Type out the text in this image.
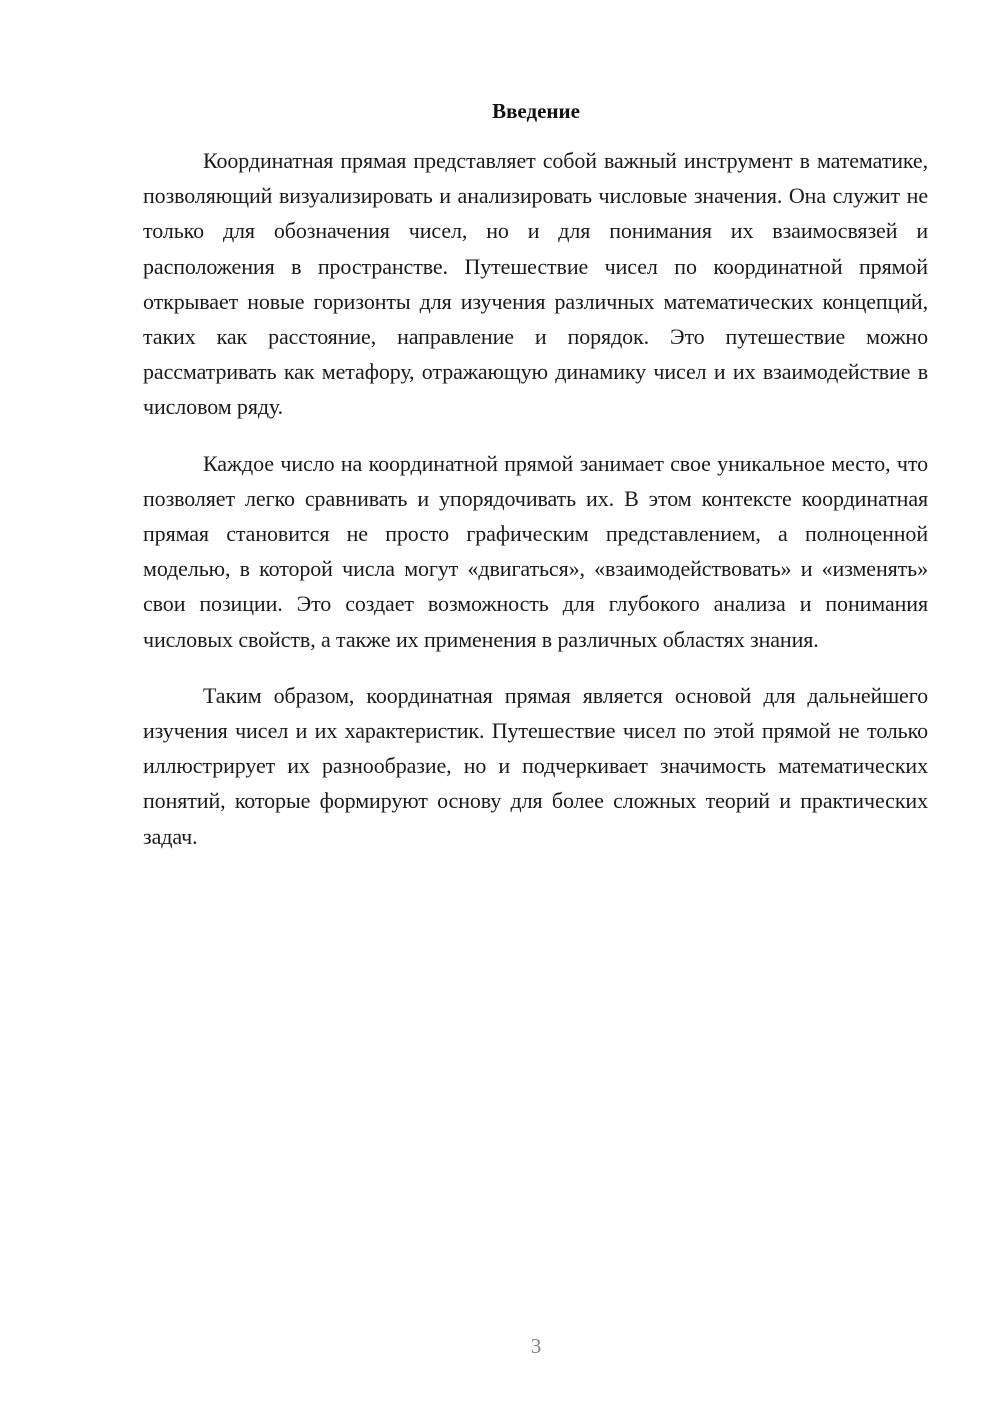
Введение

Координатная прямая представляет собой важный инструмент в математике, позволяющий визуализировать и анализировать числовые значения. Она служит не только для обозначения чисел, но и для понимания их взаимосвязей и расположения в пространстве. Путешествие чисел по координатной прямой открывает новые горизонты для изучения различных математических концепций, таких как расстояние, направление и порядок. Это путешествие можно рассматривать как метафору, отражающую динамику чисел и их взаимодействие в числовом ряду.

Каждое число на координатной прямой занимает свое уникальное место, что позволяет легко сравнивать и упорядочивать их. В этом контексте координатная прямая становится не просто графическим представлением, а полноценной моделью, в которой числа могут «двигаться», «взаимодействовать» и «изменять» свои позиции. Это создает возможность для глубокого анализа и понимания числовых свойств, а также их применения в различных областях знания.

Таким образом, координатная прямая является основой для дальнейшего изучения чисел и их характеристик. Путешествие чисел по этой прямой не только иллюстрирует их разнообразие, но и подчеркивает значимость математических понятий, которые формируют основу для более сложных теорий и практических задач.

3
